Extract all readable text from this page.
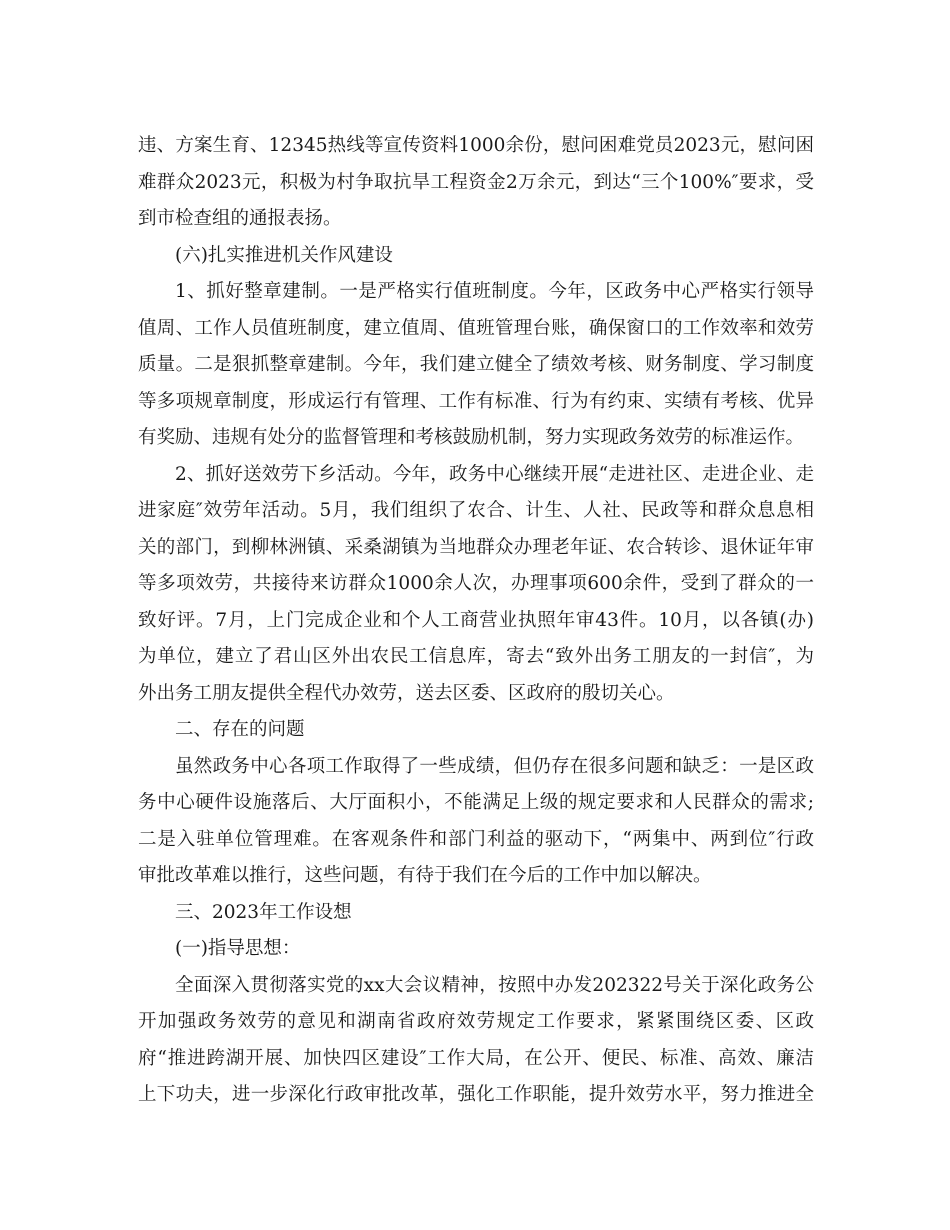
违、方案生育、12345热线等宣传资料1000余份，慰问困难党员2023元，慰问困
难群众2023元，积极为村争取抗旱工程资金2万余元，到达“三个100%″要求，受
到市检查组的通报表扬。
(六)扎实推进机关作风建设
1、抓好整章建制。一是严格实行值班制度。今年，区政务中心严格实行领导
值周、工作人员值班制度，建立值周、值班管理台账，确保窗口的工作效率和效劳
质量。二是狠抓整章建制。今年，我们建立健全了绩效考核、财务制度、学习制度
等多项规章制度，形成运行有管理、工作有标准、行为有约束、实绩有考核、优异
有奖励、违规有处分的监督管理和考核鼓励机制，努力实现政务效劳的标准运作。
2、抓好送效劳下乡活动。今年，政务中心继续开展“走进社区、走进企业、走
进家庭″效劳年活动。5月，我们组织了农合、计生、人社、民政等和群众息息相
关的部门，到柳林洲镇、采桑湖镇为当地群众办理老年证、农合转诊、退休证年审
等多项效劳，共接待来访群众1000余人次，办理事项600余件，受到了群众的一
致好评。7月，上门完成企业和个人工商营业执照年审43件。10月，以各镇(办)
为单位，建立了君山区外出农民工信息库，寄去“致外出务工朋友的一封信″，为
外出务工朋友提供全程代办效劳，送去区委、区政府的殷切关心。
二、存在的问题
虽然政务中心各项工作取得了一些成绩，但仍存在很多问题和缺乏：一是区政
务中心硬件设施落后、大厅面积小，不能满足上级的规定要求和人民群众的需求;
二是入驻单位管理难。在客观条件和部门利益的驱动下，“两集中、两到位″行政
审批改革难以推行，这些问题，有待于我们在今后的工作中加以解决。
三、2023年工作设想
(一)指导思想：
全面深入贯彻落实党的xx大会议精神，按照中办发202322号关于深化政务公
开加强政务效劳的意见和湖南省政府效劳规定工作要求，紧紧围绕区委、区政
府“推进跨湖开展、加快四区建设″工作大局，在公开、便民、标准、高效、廉洁
上下功夫，进一步深化行政审批改革，强化工作职能，提升效劳水平，努力推进全
